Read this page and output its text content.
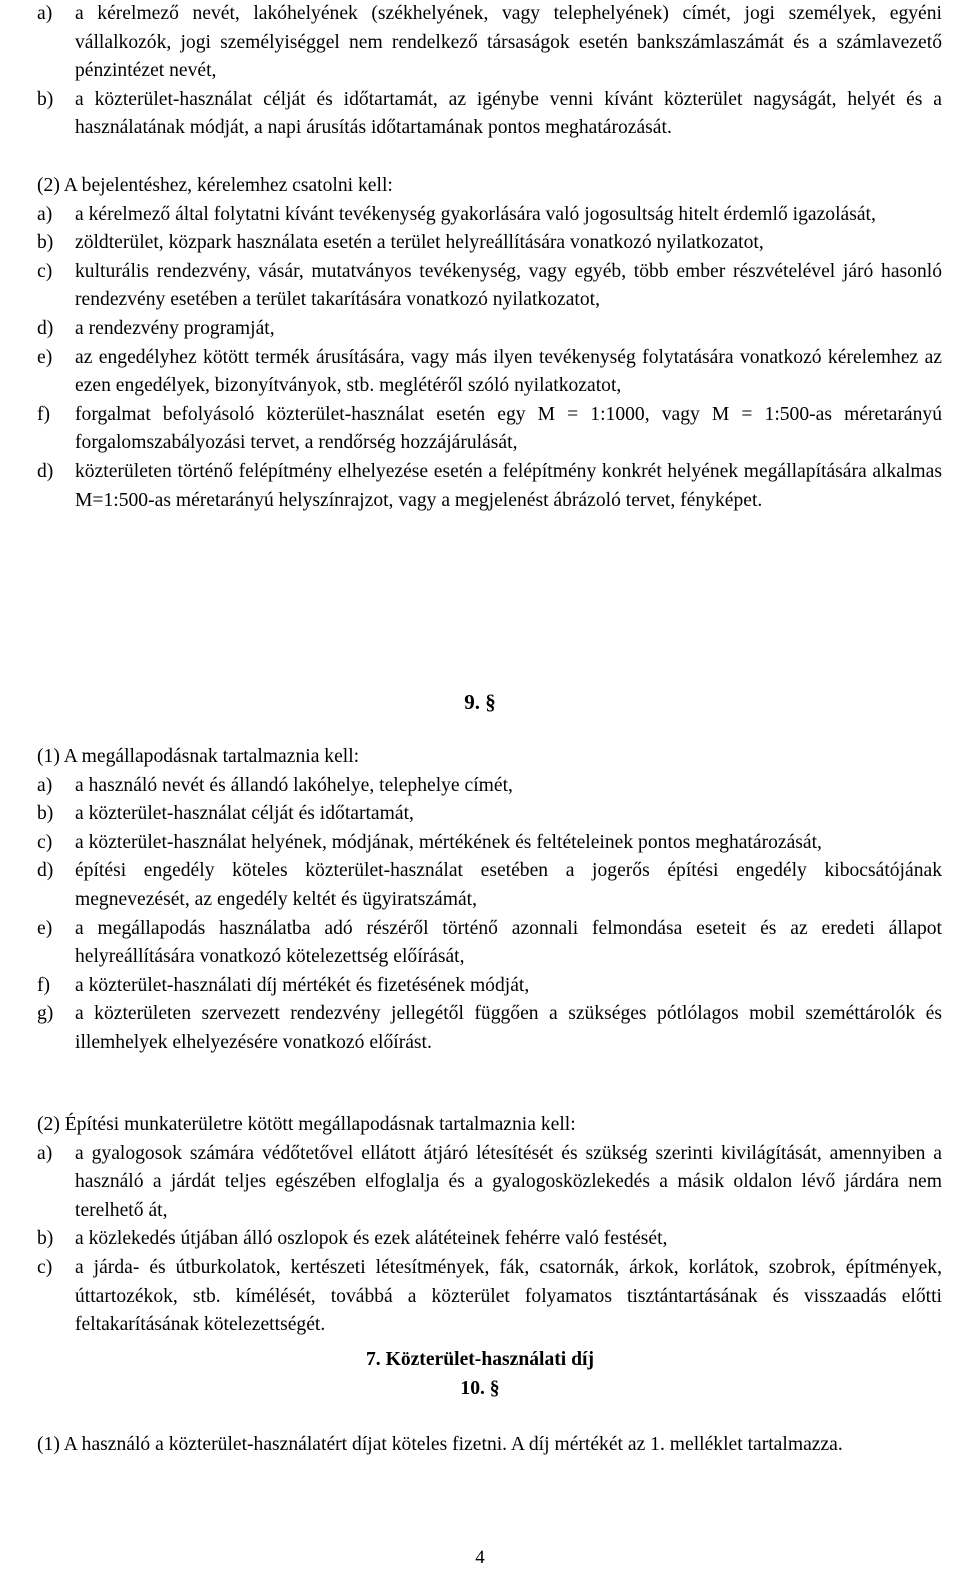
a) a kérelmező nevét, lakóhelyének (székhelyének, vagy telephelyének) címét, jogi személyek, egyéni vállalkozók, jogi személyiséggel nem rendelkező társaságok esetén bankszámlaszámát és a számlavezető pénzintézet nevét,

b) a közterület-használat célját és időtartamát, az igénybe venni kívánt közterület nagyságát, helyét és a használatának módját, a napi árusítás időtartamának pontos meghatározását.

(2) A bejelentéshez, kérelemhez csatolni kell:

a) a kérelmező által folytatni kívánt tevékenység gyakorlására való jogosultság hitelt érdemlő igazolását,

b) zöldterület, közpark használata esetén a terület helyreállítására vonatkozó nyilatkozatot,

c) kulturális rendezvény, vásár, mutatványos tevékenység, vagy egyéb, több ember részvételével járó hasonló rendezvény esetében a terület takarítására vonatkozó nyilatkozatot,

d) a rendezvény programját,

e) az engedélyhez kötött termék árusítására, vagy más ilyen tevékenység folytatására vonatkozó kérelemhez az ezen engedélyek, bizonyítványok, stb. meglétéről szóló nyilatkozatot,

f) forgalmat befolyásoló közterület-használat esetén egy M = 1:1000, vagy M = 1:500-as méretarányú forgalomszabályozási tervet, a rendőrség hozzájárulását,

d) közterületen történő felépítmény elhelyezése esetén a felépítmény konkrét helyének megállapítására alkalmas M=1:500-as méretarányú helyszínrajzot, vagy a megjelenést ábrázoló tervet, fényképet.

9. §

(1) A megállapodásnak tartalmaznia kell:

a) a használó nevét és állandó lakóhelye, telephelye címét,

b) a közterület-használat célját és időtartamát,

c) a közterület-használat helyének, módjának, mértékének és feltételeinek pontos meghatározását,

d) építési engedély köteles közterület-használat esetében a jogerős építési engedély kibocsátójának megnevezését, az engedély keltét és ügyiratszámát,

e) a megállapodás használatba adó részéről történő azonnali felmondása eseteit és az eredeti állapot helyreállítására vonatkozó kötelezettség előírását,

f) a közterület-használati díj mértékét és fizetésének módját,

g) a közterületen szervezett rendezvény jellegétől függően a szükséges pótlólagos mobil szeméttárolók és illemhelyek elhelyezésére vonatkozó előírást.

(2) Építési munkaterületre kötött megállapodásnak tartalmaznia kell:

a) a gyalogosok számára védőtetővel ellátott átjáró létesítését és szükség szerinti kivilágítását, amennyiben a használó a járdát teljes egészében elfoglalja és a gyalogosközlekedés a másik oldalon lévő járdára nem terelhető át,

b) a közlekedés útjában álló oszlopok és ezek alátéteinek fehérre való festését,

c) a járda- és útburkolatok, kertészeti létesítmények, fák, csatornák, árkok, korlátok, szobrok, építmények, úttartozékok, stb. kímélését, továbbá a közterület folyamatos tisztántartásának és visszaadás előtti feltakarításának kötelezettségét.

7. Közterület-használati díj

10. §

(1) A használó a közterület-használatért díjat köteles fizetni. A díj mértékét az 1. melléklet tartalmazza.

4
